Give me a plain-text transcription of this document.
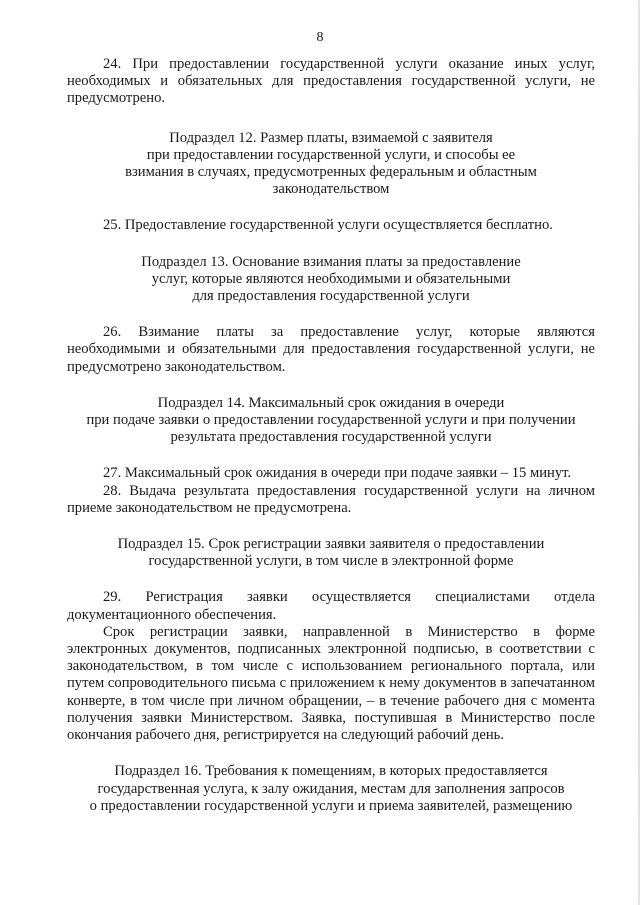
8

24. При предоставлении государственной услуги оказание иных услуг, необходимых и обязательных для предоставления государственной услуги, не предусмотрено.

Подраздел 12. Размер платы, взимаемой с заявителя
при предоставлении государственной услуги, и способы ее
взимания в случаях, предусмотренных федеральным и областным
законодательством

25. Предоставление государственной услуги осуществляется бесплатно.

Подраздел 13. Основание взимания платы за предоставление
услуг, которые являются необходимыми и обязательными
для предоставления государственной услуги

26. Взимание платы за предоставление услуг, которые являются необходимыми и обязательными для предоставления государственной услуги, не предусмотрено законодательством.

Подраздел 14. Максимальный срок ожидания в очереди
при подаче заявки о предоставлении государственной услуги и при получении
результата предоставления государственной услуги

27. Максимальный срок ожидания в очереди при подаче заявки – 15 минут.

28. Выдача результата предоставления государственной услуги на личном приеме законодательством не предусмотрена.

Подраздел 15. Срок регистрации заявки заявителя о предоставлении
государственной услуги, в том числе в электронной форме

29. Регистрация заявки осуществляется специалистами отдела документационного обеспечения.

Срок регистрации заявки, направленной в Министерство в форме электронных документов, подписанных электронной подписью, в соответствии с законодательством, в том числе с использованием регионального портала, или путем сопроводительного письма с приложением к нему документов в запечатанном конверте, в том числе при личном обращении, – в течение рабочего дня с момента получения заявки Министерством. Заявка, поступившая в Министерство после окончания рабочего дня, регистрируется на следующий рабочий день.

Подраздел 16. Требования к помещениям, в которых предоставляется
государственная услуга, к залу ожидания, местам для заполнения запросов
о предоставлении государственной услуги и приема заявителей, размещению
